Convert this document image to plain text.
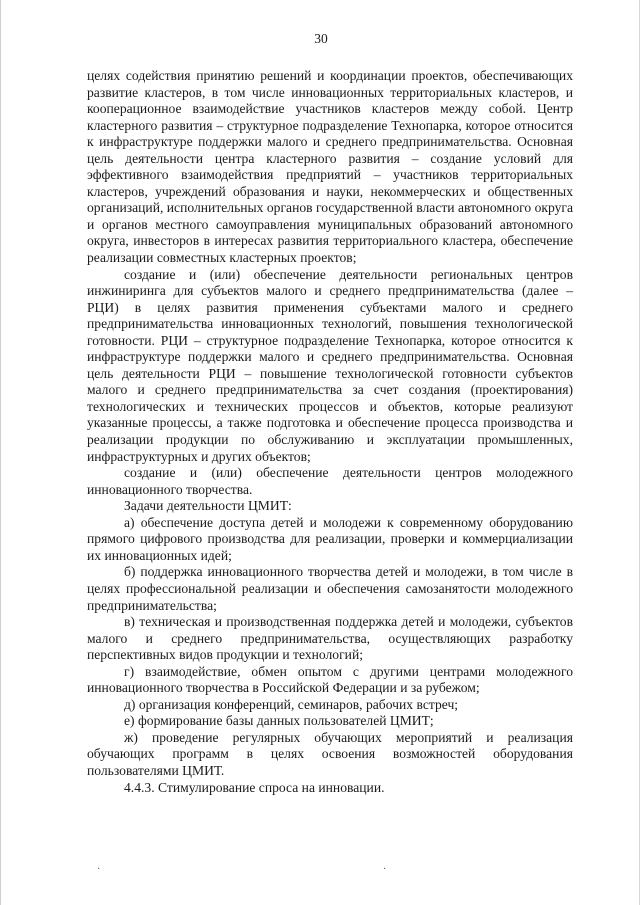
30

целях содействия принятию решений и координации проектов, обеспечивающих развитие кластеров, в том числе инновационных территориальных кластеров, и кооперационное взаимодействие участников кластеров между собой. Центр кластерного развития – структурное подразделение Технопарка, которое относится к инфраструктуре поддержки малого и среднего предпринимательства. Основная цель деятельности центра кластерного развития – создание условий для эффективного взаимодействия предприятий – участников территориальных кластеров, учреждений образования и науки, некоммерческих и общественных организаций, исполнительных органов государственной власти автономного округа и органов местного самоуправления муниципальных образований автономного округа, инвесторов в интересах развития территориального кластера, обеспечение реализации совместных кластерных проектов;

создание и (или) обеспечение деятельности региональных центров инжиниринга для субъектов малого и среднего предпринимательства (далее – РЦИ) в целях развития применения субъектами малого и среднего предпринимательства инновационных технологий, повышения технологической готовности. РЦИ – структурное подразделение Технопарка, которое относится к инфраструктуре поддержки малого и среднего предпринимательства. Основная цель деятельности РЦИ – повышение технологической готовности субъектов малого и среднего предпринимательства за счет создания (проектирования) технологических и технических процессов и объектов, которые реализуют указанные процессы, а также подготовка и обеспечение процесса производства и реализации продукции по обслуживанию и эксплуатации промышленных, инфраструктурных и других объектов;

создание и (или) обеспечение деятельности центров молодежного инновационного творчества.

Задачи деятельности ЦМИТ:

а) обеспечение доступа детей и молодежи к современному оборудованию прямого цифрового производства для реализации, проверки и коммерциализации их инновационных идей;

б) поддержка инновационного творчества детей и молодежи, в том числе в целях профессиональной реализации и обеспечения самозанятости молодежного предпринимательства;

в) техническая и производственная поддержка детей и молодежи, субъектов малого и среднего предпринимательства, осуществляющих разработку перспективных видов продукции и технологий;

г) взаимодействие, обмен опытом с другими центрами молодежного инновационного творчества в Российской Федерации и за рубежом;

д) организация конференций, семинаров, рабочих встреч;

е) формирование базы данных пользователей ЦМИТ;

ж) проведение регулярных обучающих мероприятий и реализация обучающих программ в целях освоения возможностей оборудования пользователями ЦМИТ.

4.4.3. Стимулирование спроса на инновации.

·	·
